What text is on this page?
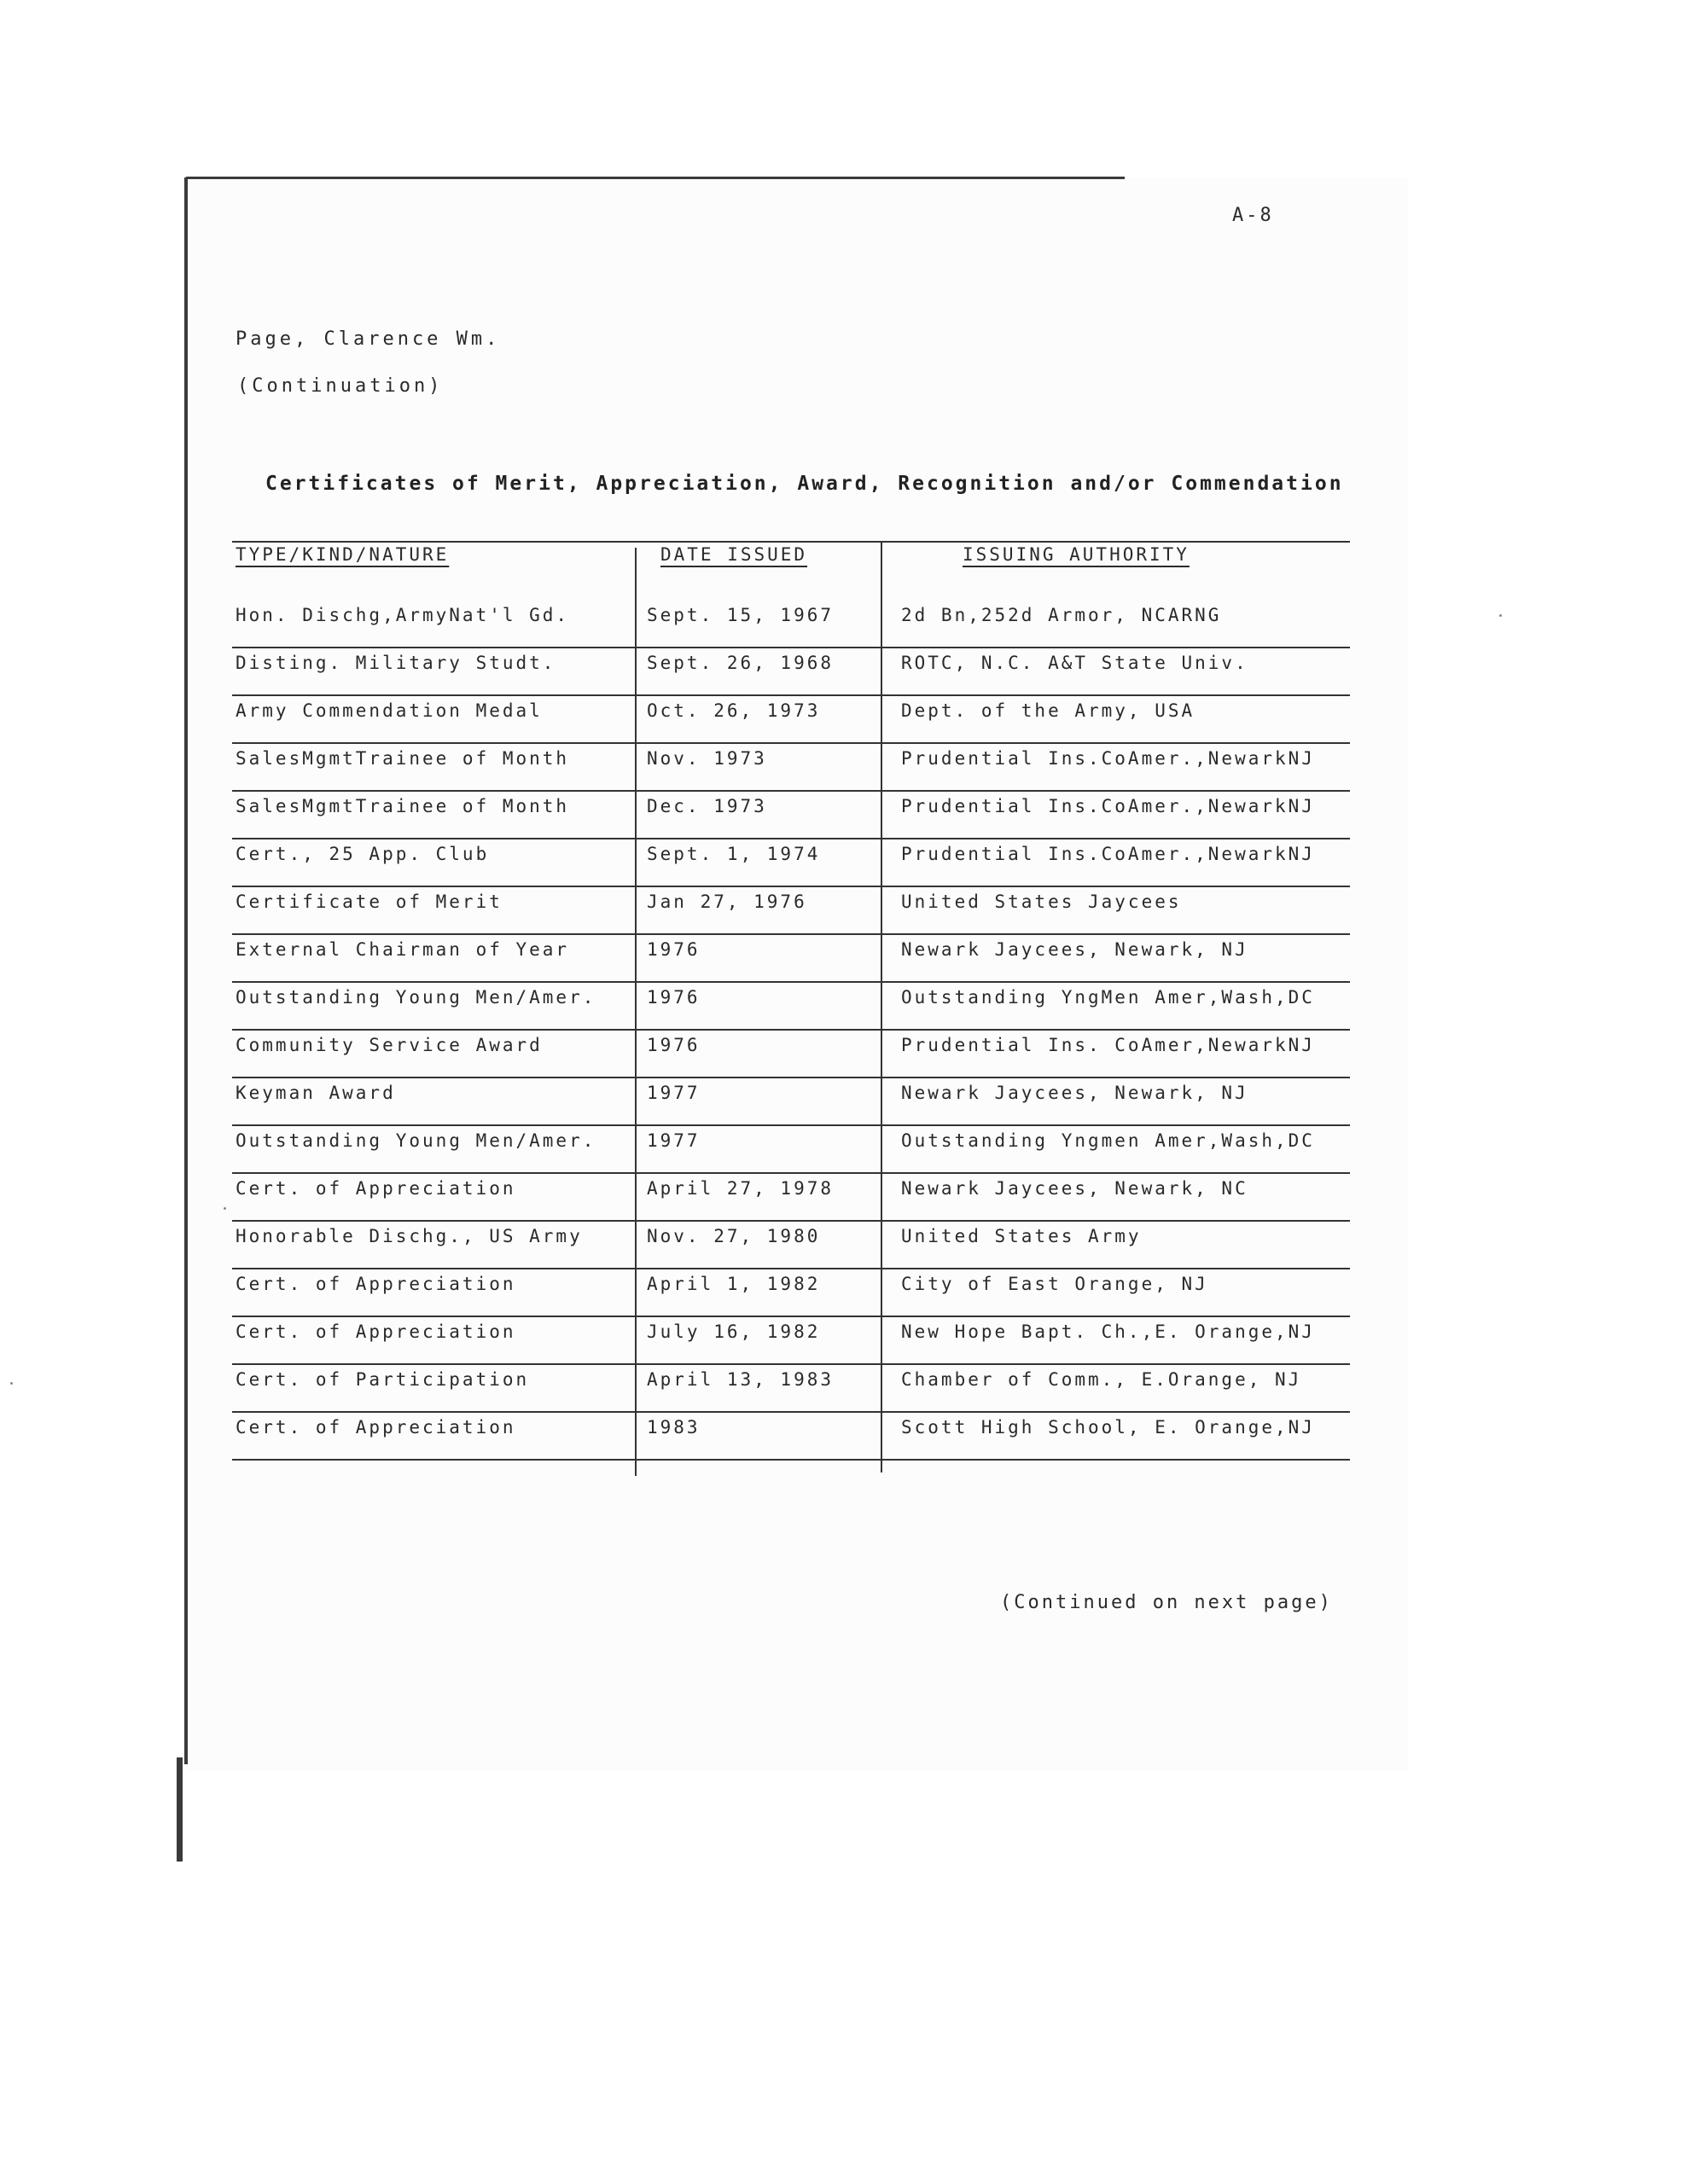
A-8
Page, Clarence Wm.
(Continuation)
Certificates of Merit, Appreciation, Award, Recognition and/or Commendation
TYPE/KIND/NATURE	DATE ISSUED	ISSUING AUTHORITY
Hon. Dischg,ArmyNat'l Gd.	Sept. 15, 1967	2d Bn,252d Armor, NCARNG
Disting. Military Studt.	Sept. 26, 1968	ROTC, N.C. A&T State Univ.
Army Commendation Medal	Oct. 26, 1973	Dept. of the Army, USA
SalesMgmtTrainee of Month	Nov. 1973	Prudential Ins.CoAmer.,NewarkNJ
SalesMgmtTrainee of Month	Dec. 1973	Prudential Ins.CoAmer.,NewarkNJ
Cert., 25 App. Club	Sept. 1, 1974	Prudential Ins.CoAmer.,NewarkNJ
Certificate of Merit	Jan 27, 1976	United States Jaycees
External Chairman of Year	1976	Newark Jaycees, Newark, NJ
Outstanding Young Men/Amer.	1976	Outstanding YngMen Amer,Wash,DC
Community Service Award	1976	Prudential Ins. CoAmer,NewarkNJ
Keyman Award	1977	Newark Jaycees, Newark, NJ
Outstanding Young Men/Amer.	1977	Outstanding Yngmen Amer,Wash,DC
Cert. of Appreciation	April 27, 1978	Newark Jaycees, Newark, NC
Honorable Dischg., US Army	Nov. 27, 1980	United States Army
Cert. of Appreciation	April 1, 1982	City of East Orange, NJ
Cert. of Appreciation	July 16, 1982	New Hope Bapt. Ch.,E. Orange,NJ
Cert. of Participation	April 13, 1983	Chamber of Comm., E.Orange, NJ
Cert. of Appreciation	1983	Scott High School, E. Orange,NJ
(Continued on next page)
